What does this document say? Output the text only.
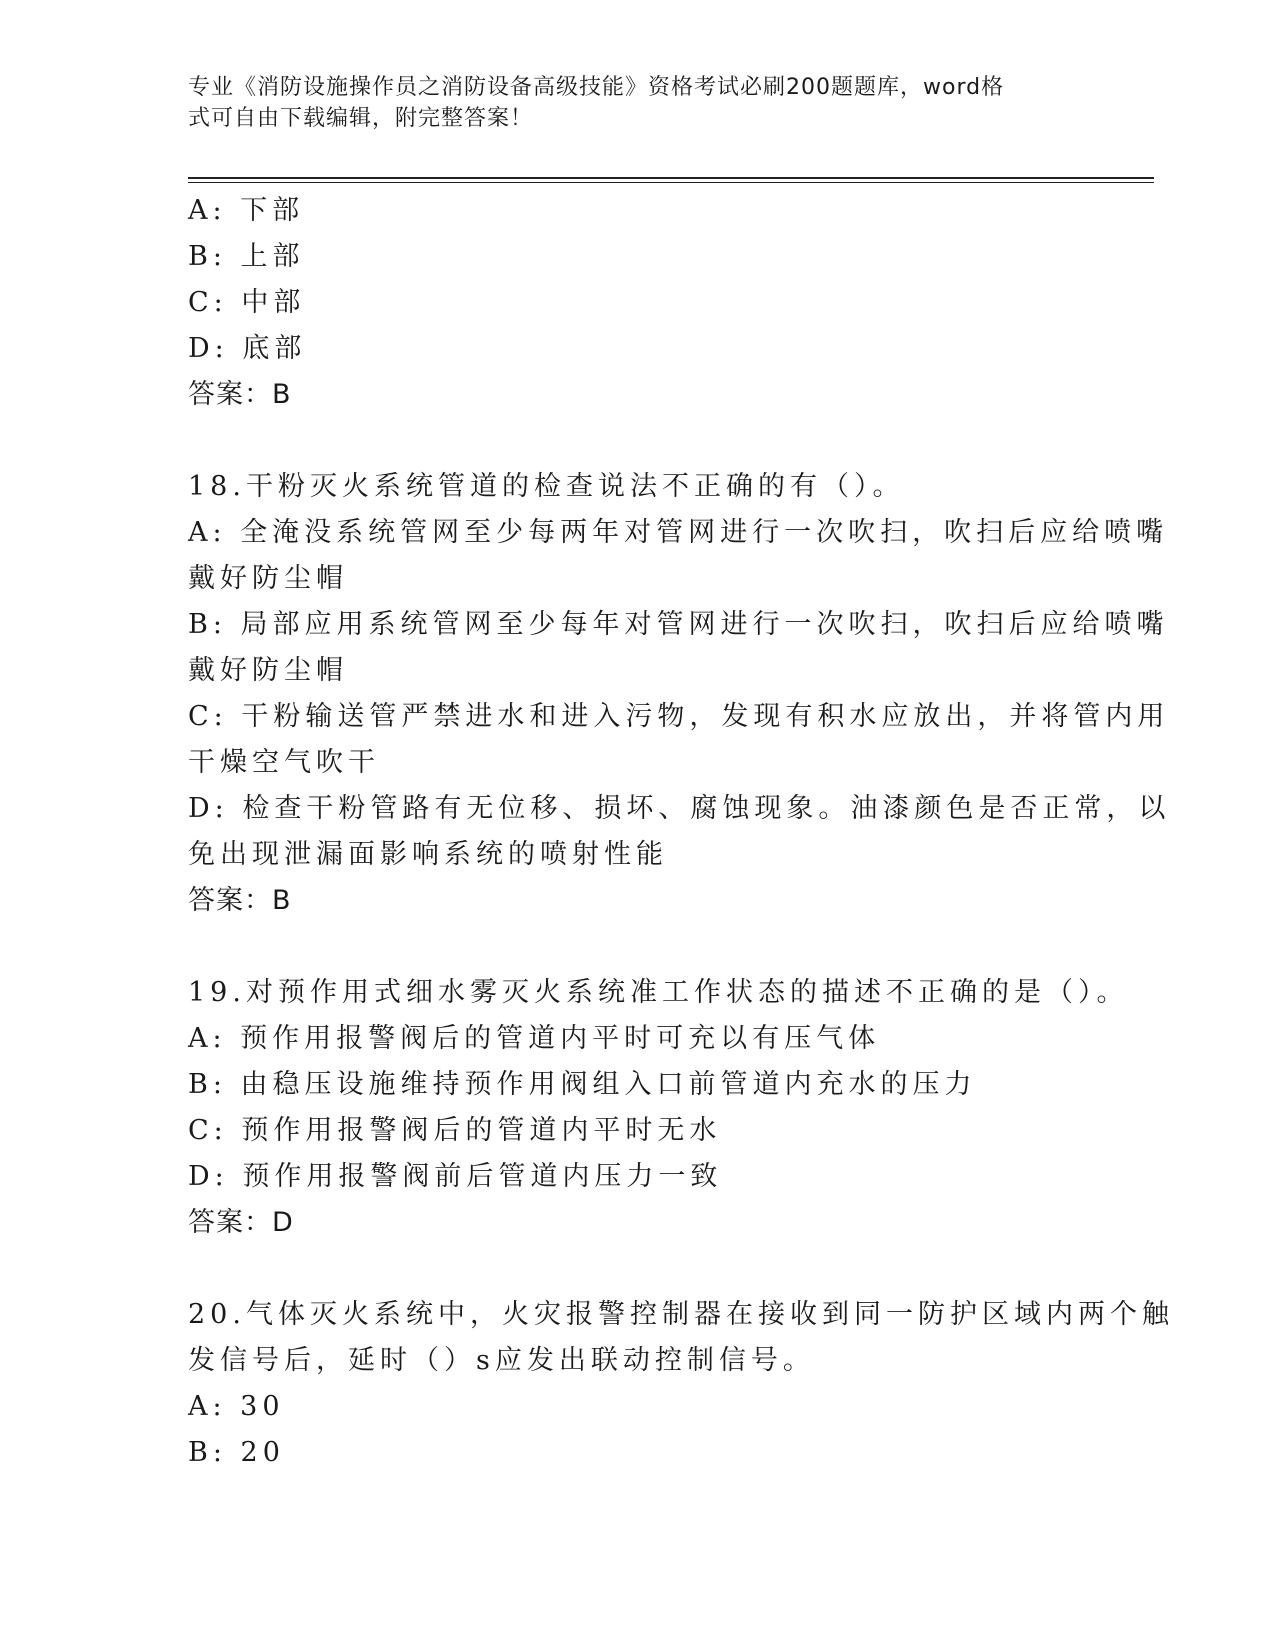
专业《消防设施操作员之消防设备高级技能》资格考试必刷200题题库，word格
式可自由下载编辑，附完整答案！
A: 下部
B: 上部
C: 中部
D: 底部
答案：B
18.干粉灭火系统管道的检查说法不正确的有（）。
A: 全淹没系统管网至少每两年对管网进行一次吹扫，吹扫后应给喷嘴
戴好防尘帽
B: 局部应用系统管网至少每年对管网进行一次吹扫，吹扫后应给喷嘴
戴好防尘帽
C: 干粉输送管严禁进水和进入污物，发现有积水应放出，并将管内用
干燥空气吹干
D: 检查干粉管路有无位移、损坏、腐蚀现象。油漆颜色是否正常，以
免出现泄漏面影响系统的喷射性能
答案：B
19.对预作用式细水雾灭火系统准工作状态的描述不正确的是（）。
A: 预作用报警阀后的管道内平时可充以有压气体
B: 由稳压设施维持预作用阀组入口前管道内充水的压力
C: 预作用报警阀后的管道内平时无水
D: 预作用报警阀前后管道内压力一致
答案：D
20.气体灭火系统中，火灾报警控制器在接收到同一防护区域内两个触
发信号后，延时（）s应发出联动控制信号。
A: 30
B: 20
